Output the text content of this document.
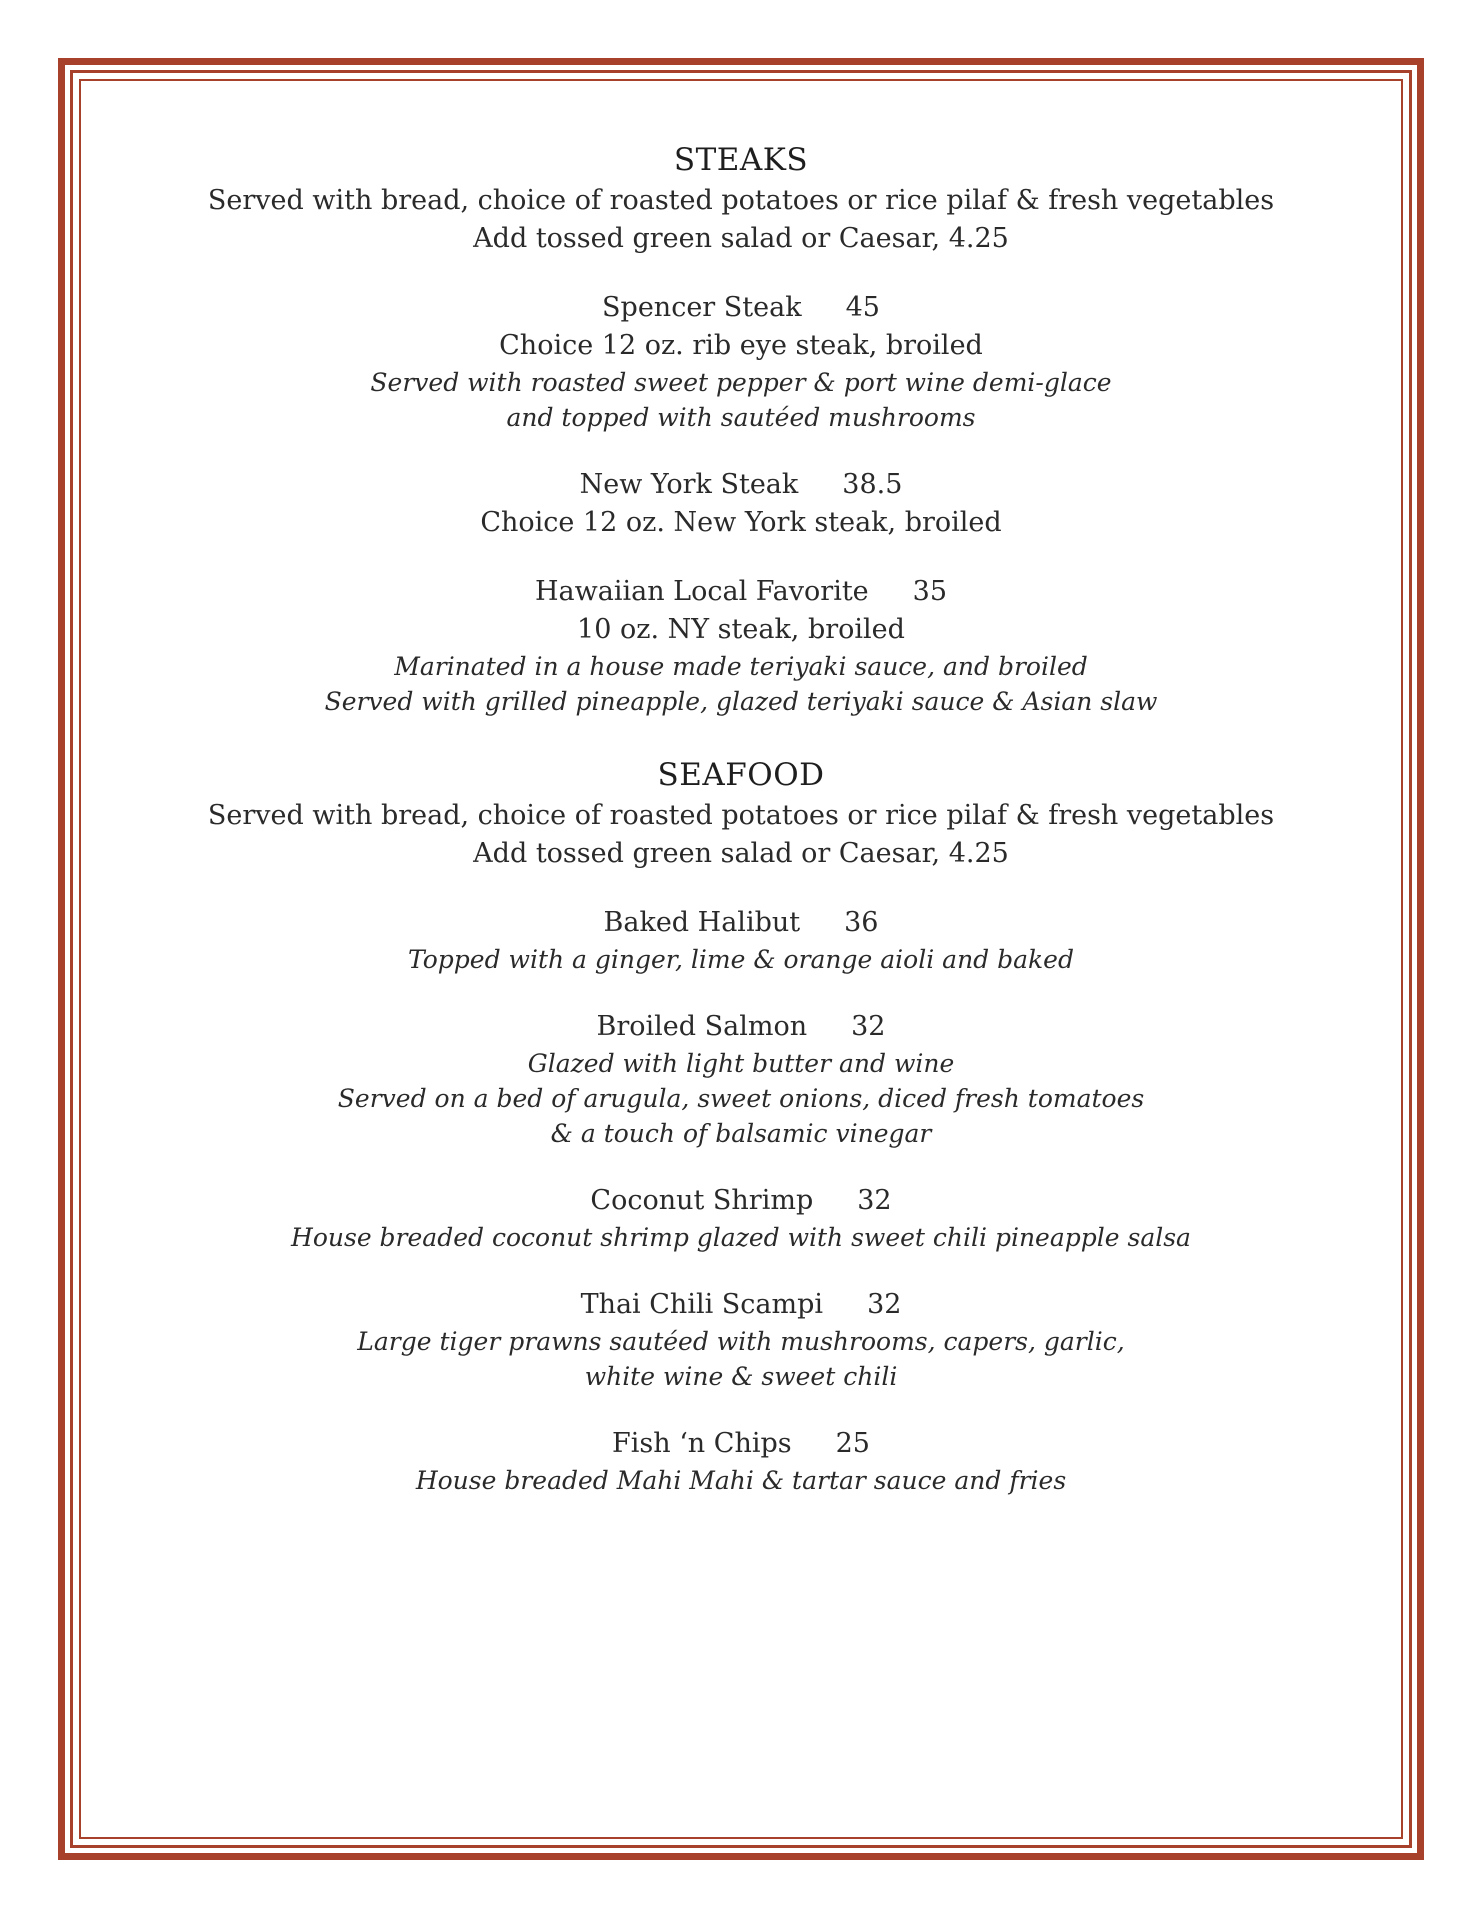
STEAKS
Served with bread, choice of roasted potatoes or rice pilaf & fresh vegetables
Add tossed green salad or Caesar, 4.25
Spencer Steak 45
Choice 12 oz. rib eye steak, broiled
Served with roasted sweet pepper & port wine demi-glace
and topped with sautéed mushrooms
New York Steak 38.5
Choice 12 oz. New York steak, broiled
Hawaiian Local Favorite 35
10 oz. NY steak, broiled
Marinated in a house made teriyaki sauce, and broiled
Served with grilled pineapple, glazed teriyaki sauce & Asian slaw
SEAFOOD
Served with bread, choice of roasted potatoes or rice pilaf & fresh vegetables
Add tossed green salad or Caesar, 4.25
Baked Halibut 36
Topped with a ginger, lime & orange aioli and baked
Broiled Salmon 32
Glazed with light butter and wine
Served on a bed of arugula, sweet onions, diced fresh tomatoes
& a touch of balsamic vinegar
Coconut Shrimp 32
House breaded coconut shrimp glazed with sweet chili pineapple salsa
Thai Chili Scampi 32
Large tiger prawns sautéed with mushrooms, capers, garlic,
white wine & sweet chili
Fish ‘n Chips 25
House breaded Mahi Mahi & tartar sauce and fries
